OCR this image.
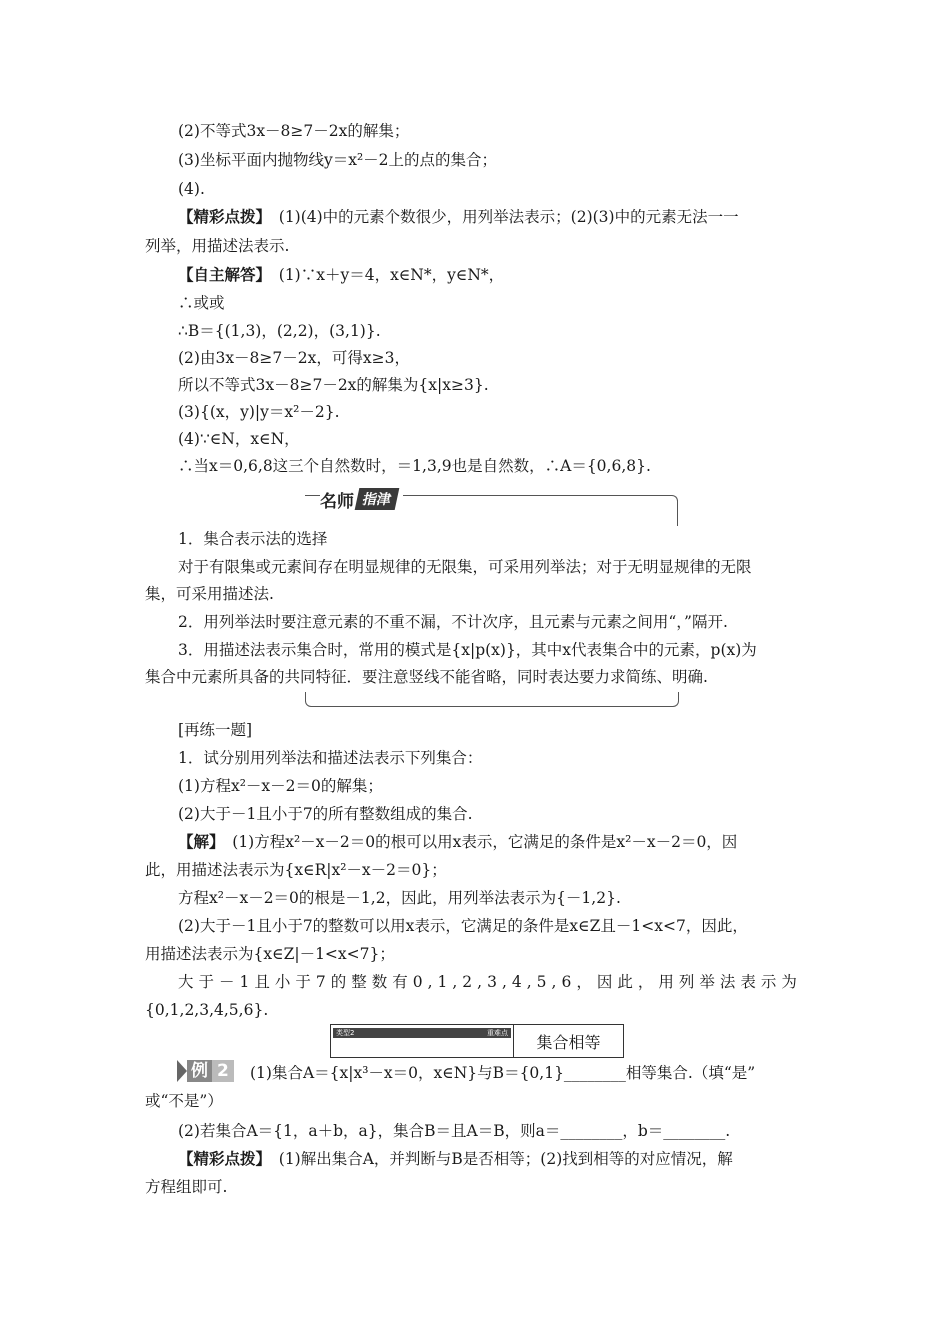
(2)不等式3x－8≥7－2x的解集；
(3)坐标平面内抛物线y＝x²－2上的点的集合；
(4).
【精彩点拨】　(1)(4)中的元素个数很少，用列举法表示；(2)(3)中的元素无法一一
列举，用描述法表示.
【自主解答】　(1)∵x＋y＝4，x∈N*，y∈N*，
∴或或
∴B＝{(1,3)，(2,2)，(3,1)}.
(2)由3x－8≥7－2x，可得x≥3，
所以不等式3x－8≥7－2x的解集为{x|x≥3}.
(3){(x，y)|y＝x²－2}.
(4)∵∈N，x∈N，
∴当x＝0,6,8这三个自然数时，＝1,3,9也是自然数，∴A＝{0,6,8}.
名师 指津
1．集合表示法的选择
对于有限集或元素间存在明显规律的无限集，可采用列举法；对于无明显规律的无限
集，可采用描述法.
2．用列举法时要注意元素的不重不漏，不计次序，且元素与元素之间用“，”隔开.
3．用描述法表示集合时，常用的模式是{x|p(x)}，其中x代表集合中的元素，p(x)为
集合中元素所具备的共同特征．要注意竖线不能省略，同时表达要力求简练、明确.
[再练一题]
1．试分别用列举法和描述法表示下列集合：
(1)方程x²－x－2＝0的解集；
(2)大于－1且小于7的所有整数组成的集合.
【解】　(1)方程x²－x－2＝0的根可以用x表示，它满足的条件是x²－x－2＝0，因
此，用描述法表示为{x∈R|x²－x－2＝0}；
方程x²－x－2＝0的根是－1,2，因此，用列举法表示为{－1,2}.
(2)大于－1且小于7的整数可以用x表示，它满足的条件是x∈Z且－1<x<7，因此，
用描述法表示为{x∈Z|－1<x<7}；
大于－1且小于7的整数有0,1,2,3,4,5,6，因此，用列举法表示为
{0,1,2,3,4,5,6}.
类型2	重难点	集合相等
例 2	(1)集合A＝{x|x³－x＝0，x∈N}与B＝{0,1}________相等集合.（填“是”
或“不是”）
(2)若集合A＝{1，a＋b，a}，集合B＝且A＝B，则a＝________，b＝________.
【精彩点拨】　(1)解出集合A，并判断与B是否相等；(2)找到相等的对应情况，解
方程组即可.
